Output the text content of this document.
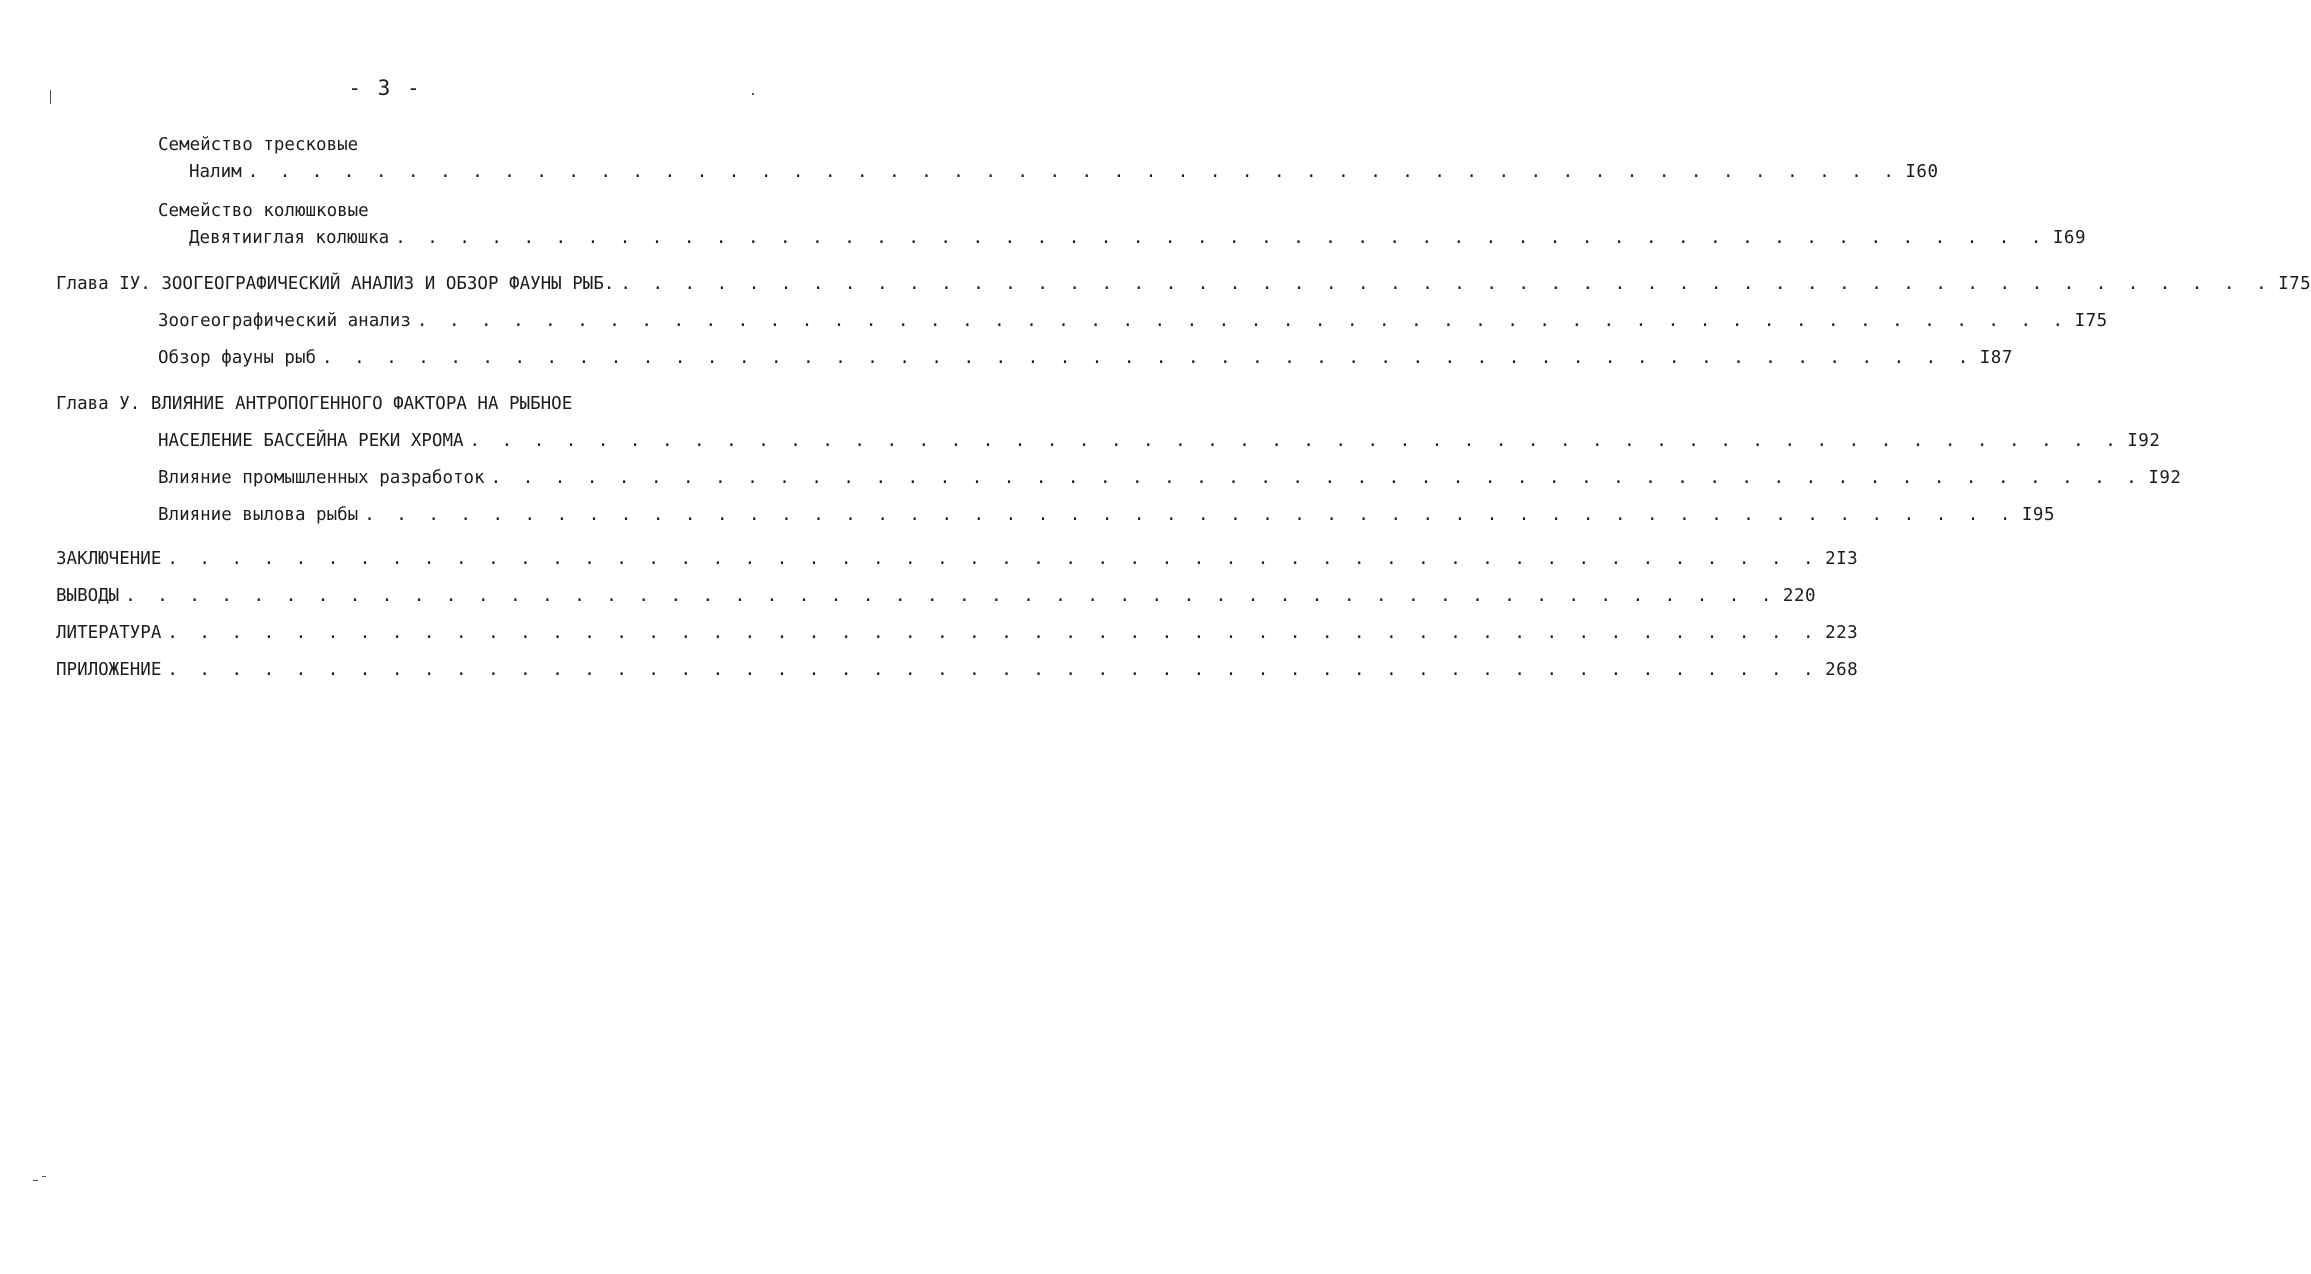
- 3 -
Семейство тресковые
Налим . . . . . . . . . . . . . . . . . . . . . . . . . . . . . . . . . . . . . . . . . . . . . . . . . . . . I60
Семейство колюшковые
Девятииглая колюшка . . . . . . . . . . . . . . . . . . . . . . . . . . . . . . . . . . . . . . . . . . . . . . . . . . . . I69
Глава IУ. ЗООГЕОГРАФИЧЕСКИЙ АНАЛИЗ И ОБЗОР ФАУНЫ РЫБ. . . . . . . . . . . . . . . . . . . . . . . . . . . . . . . . . . . . . . . . . . . . . . . . . . . . . I75
Зоогеографический анализ . . . . . . . . . . . . . . . . . . . . . . . . . . . . . . . . . . . . . . . . . . . . . . . . . . . . I75
Обзор фауны рыб . . . . . . . . . . . . . . . . . . . . . . . . . . . . . . . . . . . . . . . . . . . . . . . . . . . . I87
Глава У. ВЛИЯНИЕ АНТРОПОГЕННОГО ФАКТОРА НА РЫБНОЕ
НАСЕЛЕНИЕ БАССЕЙНА РЕКИ ХРОМА . . . . . . . . . . . . . . . . . . . . . . . . . . . . . . . . . . . . . . . . . . . . . . . . . . . . I92
Влияние промышленных разработок . . . . . . . . . . . . . . . . . . . . . . . . . . . . . . . . . . . . . . . . . . . . . . . . . . . . I92
Влияние вылова рыбы . . . . . . . . . . . . . . . . . . . . . . . . . . . . . . . . . . . . . . . . . . . . . . . . . . . . I95
ЗАКЛЮЧЕНИЕ . . . . . . . . . . . . . . . . . . . . . . . . . . . . . . . . . . . . . . . . . . . . . . . . . . . . 2I3
ВЫВОДЫ . . . . . . . . . . . . . . . . . . . . . . . . . . . . . . . . . . . . . . . . . . . . . . . . . . . . 220
ЛИТЕРАТУРА . . . . . . . . . . . . . . . . . . . . . . . . . . . . . . . . . . . . . . . . . . . . . . . . . . . . 223
ПРИЛОЖЕНИЕ . . . . . . . . . . . . . . . . . . . . . . . . . . . . . . . . . . . . . . . . . . . . . . . . . . . . 268
